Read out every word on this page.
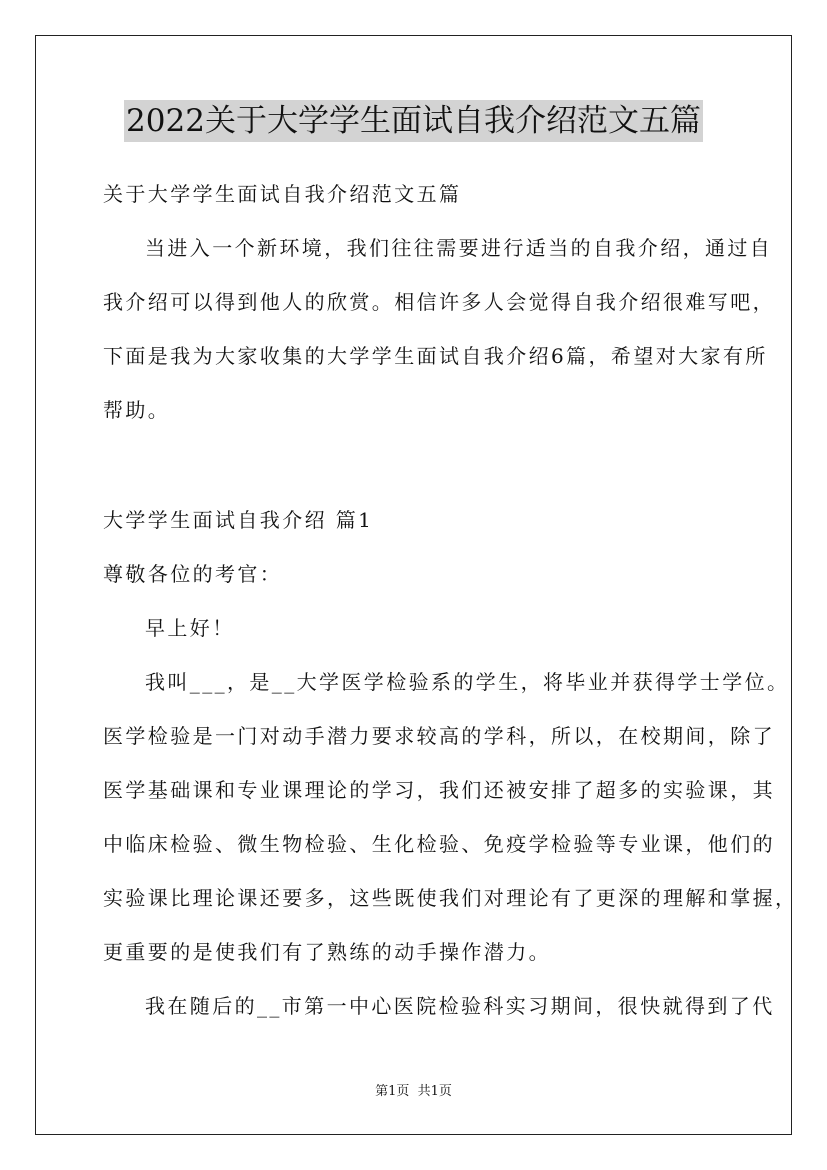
2022关于大学学生面试自我介绍范文五篇
关于大学学生面试自我介绍范文五篇
当进入一个新环境，我们往往需要进行适当的自我介绍，通过自
我介绍可以得到他人的欣赏。相信许多人会觉得自我介绍很难写吧，
下面是我为大家收集的大学学生面试自我介绍6篇，希望对大家有所
帮助。
大学学生面试自我介绍 篇1
尊敬各位的考官：
早上好！
我叫___，是__大学医学检验系的学生，将毕业并获得学士学位。
医学检验是一门对动手潜力要求较高的学科，所以，在校期间，除了
医学基础课和专业课理论的学习，我们还被安排了超多的实验课，其
中临床检验、微生物检验、生化检验、免疫学检验等专业课，他们的
实验课比理论课还要多，这些既使我们对理论有了更深的理解和掌握，
更重要的是使我们有了熟练的动手操作潜力。
我在随后的__市第一中心医院检验科实习期间，很快就得到了代
第1页  共1页
